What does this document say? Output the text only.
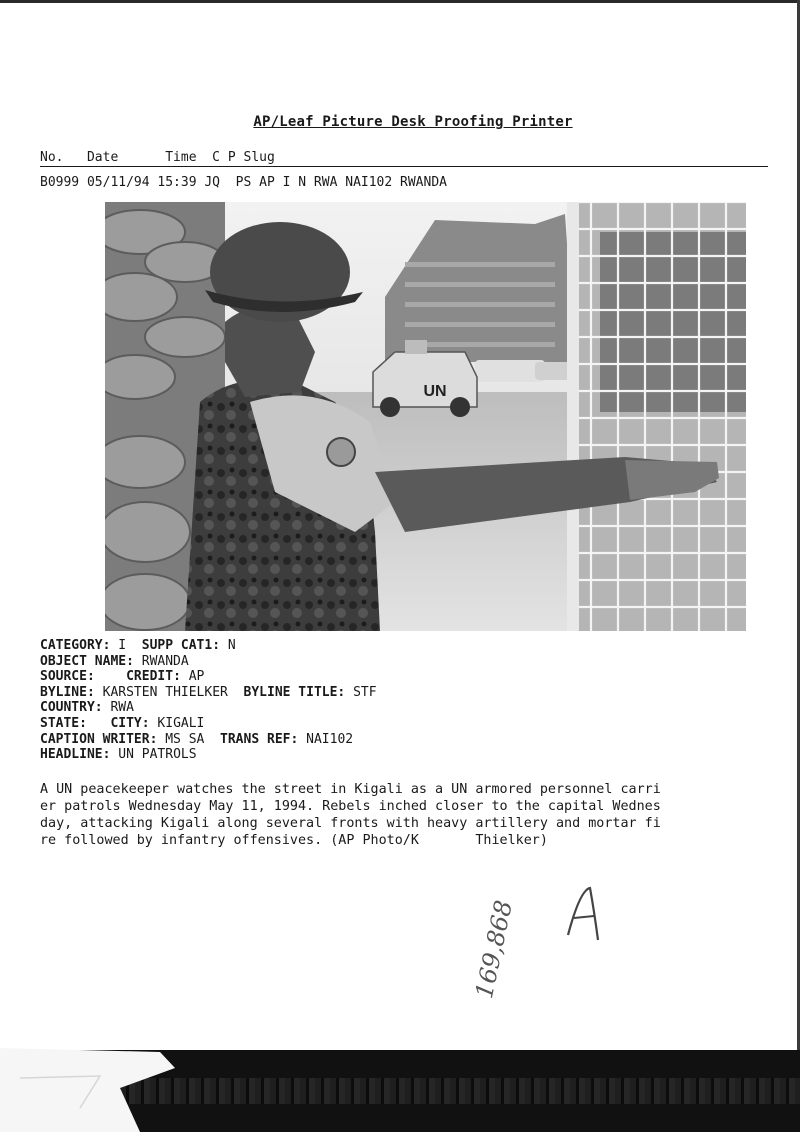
AP/Leaf Picture Desk Proofing Printer
No.   Date      Time  C P Slug
B0999 05/11/94 15:39 JQ  PS AP I N RWA NAI102 RWANDA
UN
CATEGORY: I  SUPP CAT1: N
OBJECT NAME: RWANDA
SOURCE: CREDIT: AP
BYLINE: KARSTEN THIELKER  BYLINE TITLE: STF
COUNTRY: RWA
STATE: CITY: KIGALI
CAPTION WRITER: MS SA  TRANS REF: NAI102
HEADLINE: UN PATROLS
A UN peacekeeper watches the street in Kigali as a UN armored personnel carri
er patrols Wednesday May 11, 1994. Rebels inched closer to the capital Wednes
day, attacking Kigali along several fronts with heavy artillery and mortar fi
re followed by infantry offensives. (AP Photo/K       Thielker)
A
169,868
